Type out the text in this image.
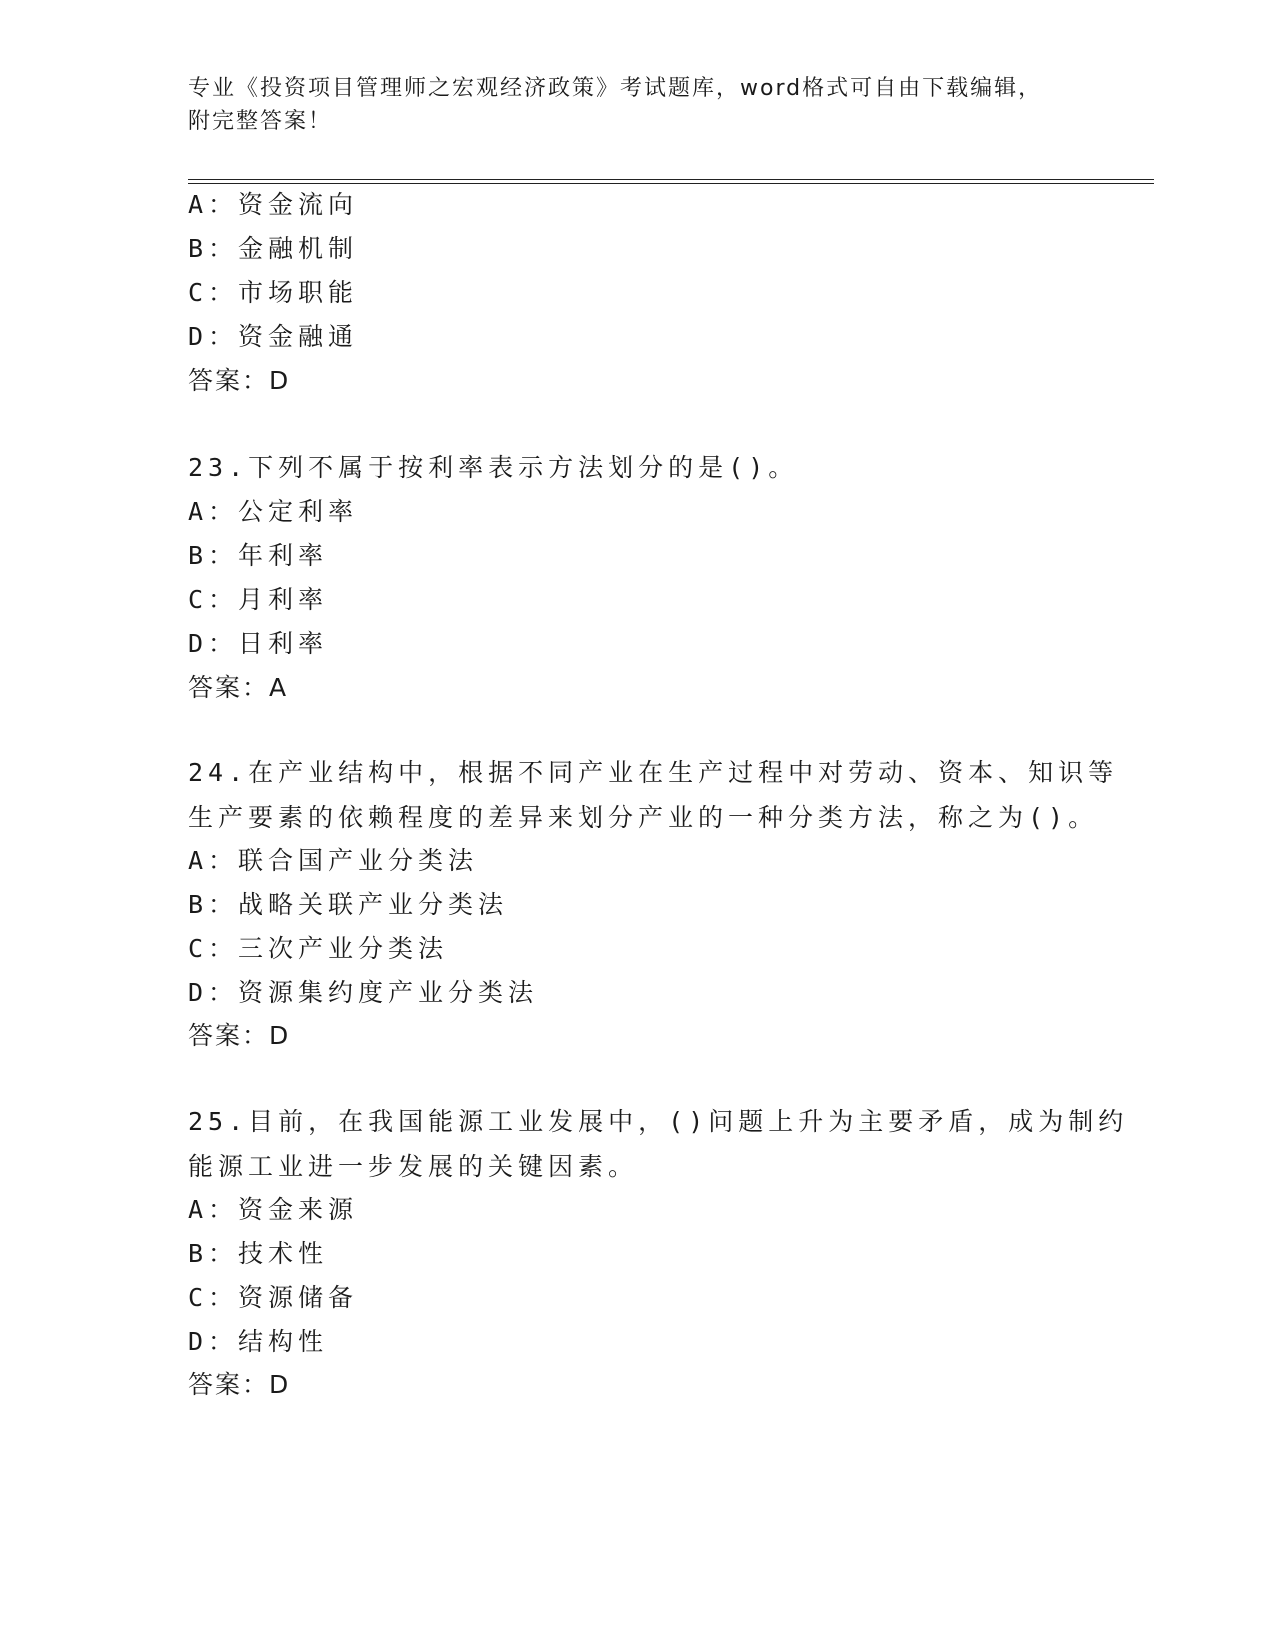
专业《投资项目管理师之宏观经济政策》考试题库，word格式可自由下载编辑，
附完整答案！
A：资金流向
B：金融机制
C：市场职能
D：资金融通
答案：D
23.下列不属于按利率表示方法划分的是()。
A：公定利率
B：年利率
C：月利率
D：日利率
答案：A
24.在产业结构中，根据不同产业在生产过程中对劳动、资本、知识等
生产要素的依赖程度的差异来划分产业的一种分类方法，称之为()。
A：联合国产业分类法
B：战略关联产业分类法
C：三次产业分类法
D：资源集约度产业分类法
答案：D
25.目前，在我国能源工业发展中，()问题上升为主要矛盾，成为制约
能源工业进一步发展的关键因素。
A：资金来源
B：技术性
C：资源储备
D：结构性
答案：D
